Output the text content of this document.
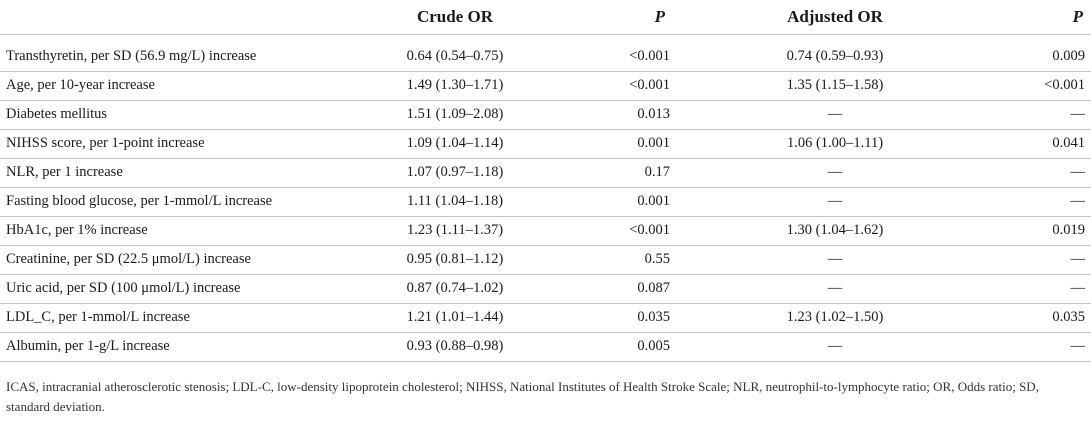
	Crude OR	P	Adjusted OR	P

Transthyretin, per SD (56.9 mg/L) increase	0.64 (0.54–0.75)	<0.001	0.74 (0.59–0.93)	0.009
Age, per 10-year increase	1.49 (1.30–1.71)	<0.001	1.35 (1.15–1.58)	<0.001
Diabetes mellitus	1.51 (1.09–2.08)	0.013	—	—
NIHSS score, per 1-point increase	1.09 (1.04–1.14)	0.001	1.06 (1.00–1.11)	0.041
NLR, per 1 increase	1.07 (0.97–1.18)	0.17	—	—
Fasting blood glucose, per 1-mmol/L increase	1.11 (1.04–1.18)	0.001	—	—
HbA1c, per 1% increase	1.23 (1.11–1.37)	<0.001	1.30 (1.04–1.62)	0.019
Creatinine, per SD (22.5 μmol/L) increase	0.95 (0.81–1.12)	0.55	—	—
Uric acid, per SD (100 μmol/L) increase	0.87 (0.74–1.02)	0.087	—	—
LDL_C, per 1-mmol/L increase	1.21 (1.01–1.44)	0.035	1.23 (1.02–1.50)	0.035
Albumin, per 1-g/L increase	0.93 (0.88–0.98)	0.005	—	—
ICAS, intracranial atherosclerotic stenosis; LDL-C, low-density lipoprotein cholesterol; NIHSS, National Institutes of Health Stroke Scale; NLR, neutrophil-to-lymphocyte ratio; OR, Odds ratio; SD, standard deviation.
